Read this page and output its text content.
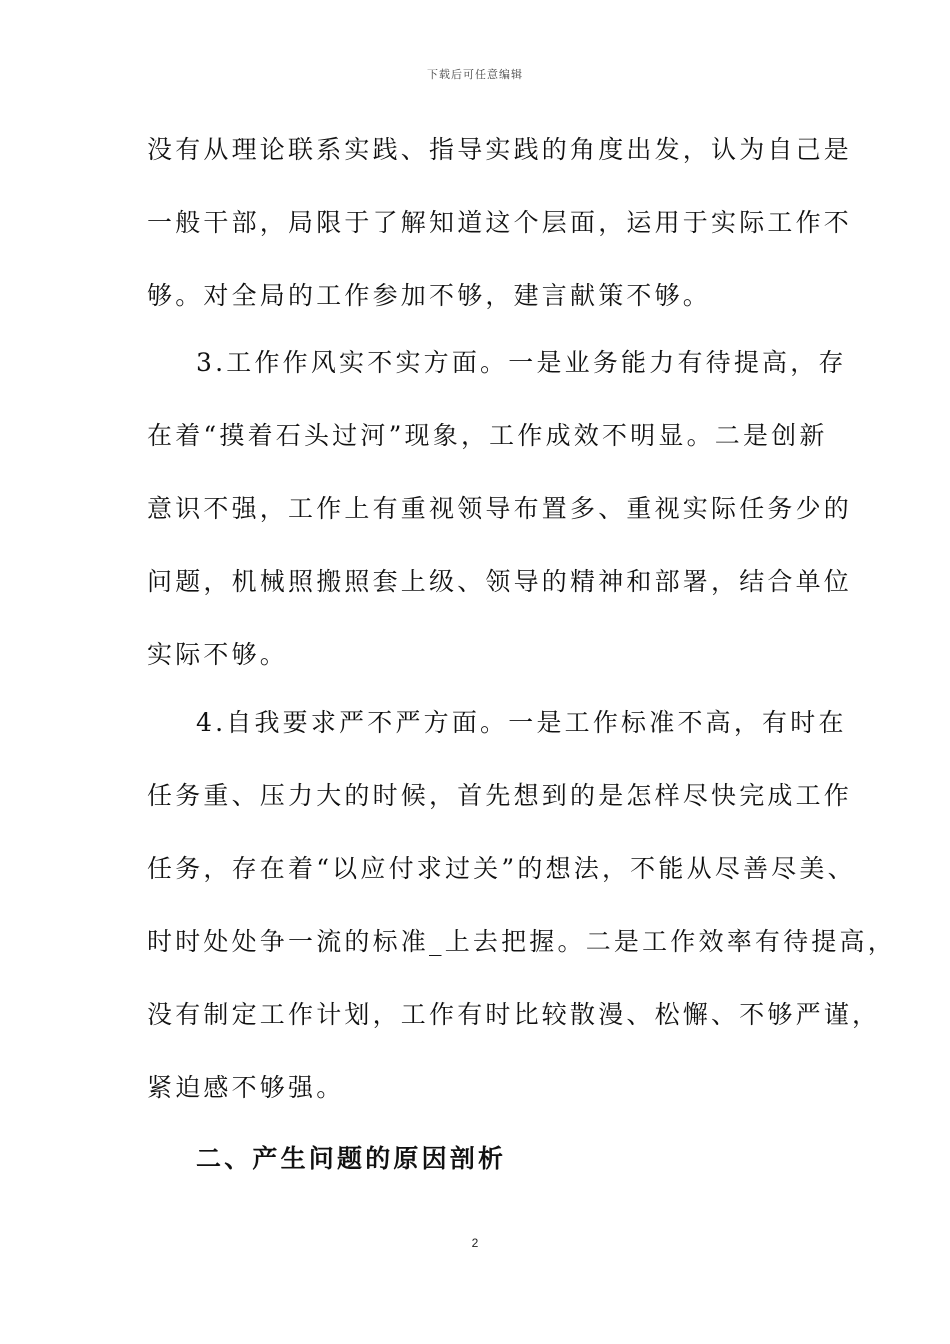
下载后可任意编辑
没有从理论联系实践、指导实践的角度出发，认为自己是
一般干部，局限于了解知道这个层面，运用于实际工作不
够。对全局的工作参加不够，建言献策不够。
3.工作作风实不实方面。一是业务能力有待提高，存
在着“摸着石头过河”现象，工作成效不明显。二是创新
意识不强，工作上有重视领导布置多、重视实际任务少的
问题，机械照搬照套上级、领导的精神和部署，结合单位
实际不够。
4.自我要求严不严方面。一是工作标准不高，有时在
任务重、压力大的时候，首先想到的是怎样尽快完成工作
任务，存在着“以应付求过关”的想法，不能从尽善尽美、
时时处处争一流的标准_上去把握。二是工作效率有待提高，
没有制定工作计划，工作有时比较散漫、松懈、不够严谨，
紧迫感不够强。
二、产生问题的原因剖析
2
